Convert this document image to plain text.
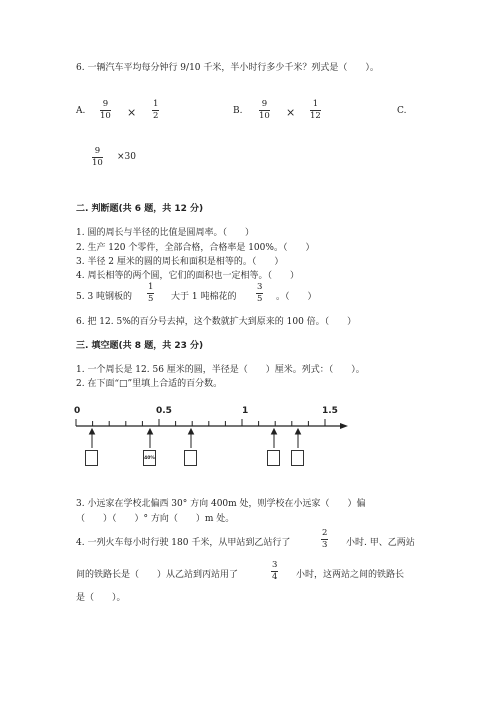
6. 一辆汽车平均每分钟行 9/10 千米，半小时行多少千米？列式是（　　）。
A.
9
10 ×
1
2	B.
9
10 ×
1
12	C.
9
10
×30
二. 判断题(共 6 题，共 12 分)
1. 圆的周长与半径的比值是圆周率。（　　）
2. 生产 120 个零件，全部合格，合格率是 100%。（　　）
3. 半径 2 厘米的圆的周长和面积是相等的。（　　）
4. 周长相等的两个圆，它们的面积也一定相等。（　　）
5. 3 吨钢板的
1
5 大于 1 吨棉花的
3
5 。（　　）
6. 把 12. 5%的百分号去掉，这个数就扩大到原来的 100 倍。（　　）
三. 填空题(共 8 题，共 23 分)
1. 一个周长是 12. 56 厘米的圆，半径是（　　）厘米。列式：（　　）。
2. 在下面“□”里填上合适的百分数。
0	0.5	1	1.5
40%
3. 小远家在学校北偏西 30° 方向 400m 处，则学校在小远家（　　）偏
（　　）（　　）° 方向（　　）m 处。
4. 一列火车每小时行驶 180 千米，从甲站到乙站行了
2
3 小时. 甲、乙两站
间的铁路长是（　　）从乙站到丙站用了
3
4 小时，这两站之间的铁路长
是（　　）。
